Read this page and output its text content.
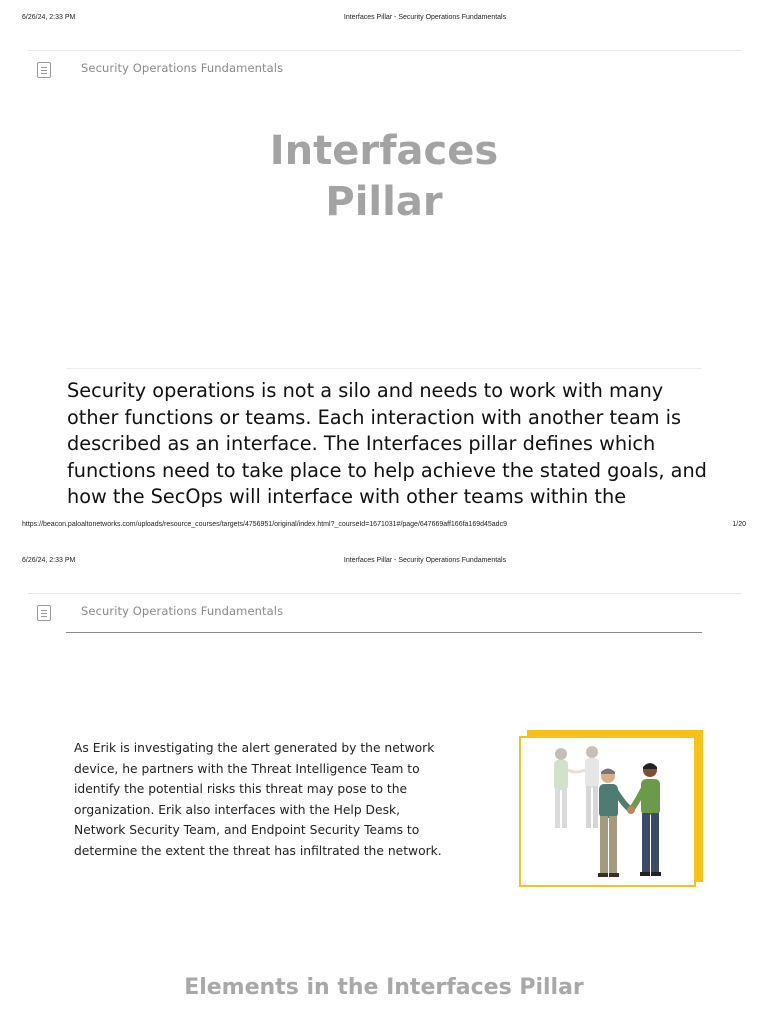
6/26/24, 2:33 PM	Interfaces Pillar - Security Operations Fundamentals
Security Operations Fundamentals
Interfaces
Pillar
Security operations is not a silo and needs to work with many other functions or teams. Each interaction with another team is described as an interface. The Interfaces pillar defines which functions need to take place to help achieve the stated goals, and how the SecOps will interface with other teams within the
https://beacon.paloaltonetworks.com/uploads/resource_courses/targets/4756951/original/index.html?_courseId=1671031#/page/647669aff166fa169d45adc9	1/20
6/26/24, 2:33 PM	Interfaces Pillar - Security Operations Fundamentals
Security Operations Fundamentals
As Erik is investigating the alert generated by the network device, he partners with the Threat Intelligence Team to identify the potential risks this threat may pose to the organization. Erik also interfaces with the Help Desk, Network Security Team, and Endpoint Security Teams to determine the extent the threat has infiltrated the network.
Elements in the Interfaces Pillar
